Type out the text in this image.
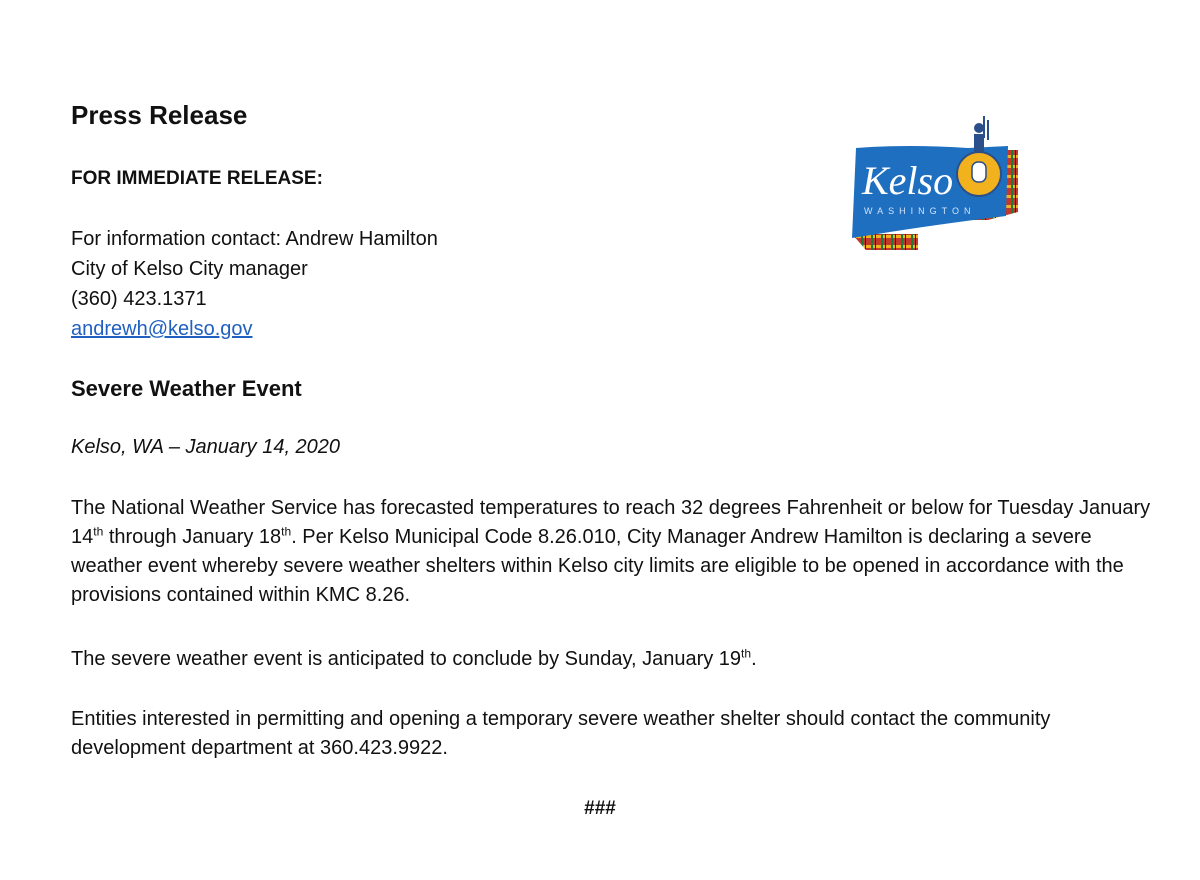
Press Release
FOR IMMEDIATE RELEASE:
For information contact: Andrew Hamilton
City of Kelso City manager
(360) 423.1371
andrewh@kelso.gov
Kelso
WASHINGTON
Severe Weather Event
Kelso, WA – January 14, 2020
The National Weather Service has forecasted temperatures to reach 32 degrees Fahrenheit or below for Tuesday January 14th through January 18th. Per Kelso Municipal Code 8.26.010, City Manager Andrew Hamilton is declaring a severe weather event whereby severe weather shelters within Kelso city limits are eligible to be opened in accordance with the provisions contained within KMC 8.26.
The severe weather event is anticipated to conclude by Sunday, January 19th.
Entities interested in permitting and opening a temporary severe weather shelter should contact the community development department at 360.423.9922.
###
